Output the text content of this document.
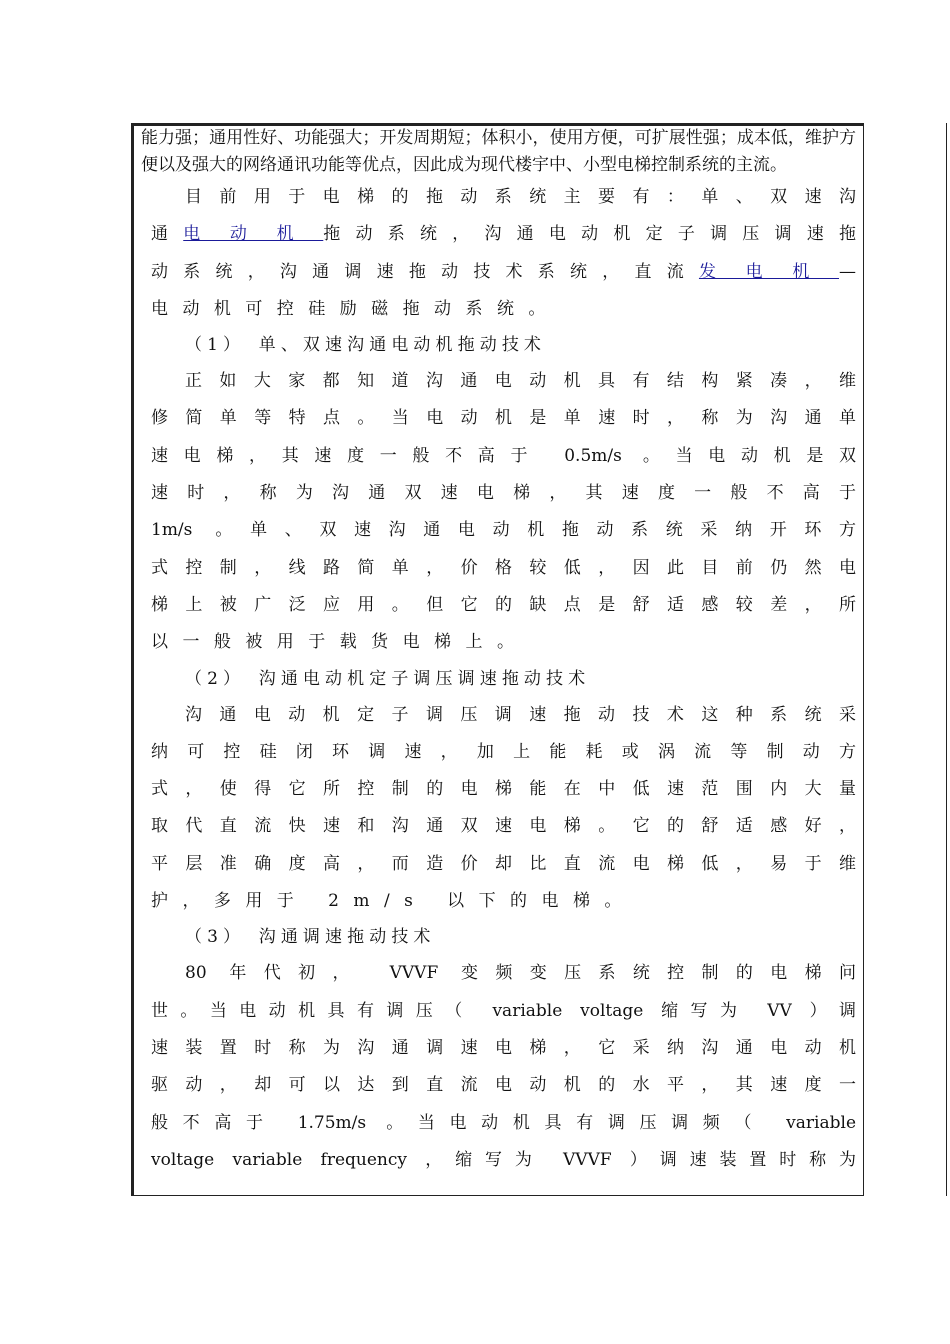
能力强；通用性好、功能强大；开发周期短；体积小，使用方便，可扩展性强；成本低，维护方便以及强大的网络通讯功能等优点，因此成为现代楼宇中、小型电梯控制系统的主流。

目前用于电梯的拖动系统主要有：单、双速沟

通电动机拖动系统，沟通电动机定子调压调速拖

动系统，沟通调速拖动技术系统，直流发电机—

电动机可控硅励磁拖动系统。

（1）　单、双速沟通电动机拖动技术

正如大家都知道沟通电动机具有结构紧凑，维

修简单等特点。当电动机是单速时，称为沟通单

速电梯，其速度一般不高于 0.5m/s 。当电动机是双

速时，称为沟通双速电梯，其速度一般不高于

1m/s 。单、双速沟通电动机拖动系统采纳开环方

式控制，线路简单，价格较低，因此目前仍然电

梯上被广泛应用。但它的缺点是舒适感较差，所

以一般被用于载货电梯上。

（2）　沟通电动机定子调压调速拖动技术

沟通电动机定子调压调速拖动技术这种系统采

纳可控硅闭环调速，加上能耗或涡流等制动方

式，使得它所控制的电梯能在中低速范围内大量

取代直流快速和沟通双速电梯。它的舒适感好，

平层准确度高，而造价却比直流电梯低，易于维

护，多用于 2m/s 以下的电梯。

（3）　沟通调速拖动技术

80 年代初， VVVF 变频变压系统控制的电梯问

世。当电动机具有调压（ variable voltage 缩写为 VV ）调

速装置时称为沟通调速电梯，它采纳沟通电动机

驱动，却可以达到直流电动机的水平，其速度一

般不高于 1.75m/s 。当电动机具有调压调频（ variable

voltage variable frequency ，缩写为 VVVF ）调速装置时称为
